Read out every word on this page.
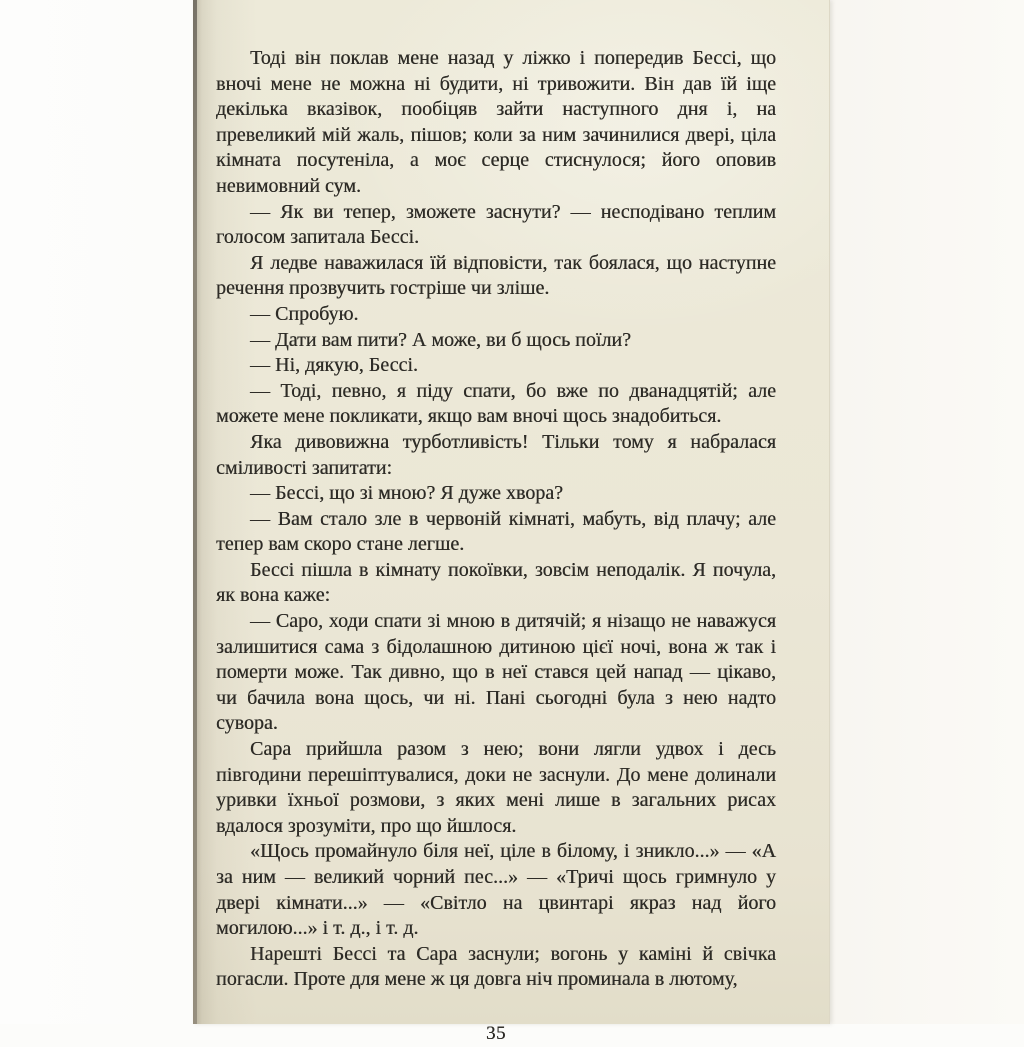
Тоді він поклав мене назад у ліжко і попередив Бессі, що вночі мене не можна ні будити, ні тривожити. Він дав їй іще декілька вказівок, пообіцяв зайти наступного дня і, на превеликий мій жаль, пішов; коли за ним зачинилися двері, ціла кімната посутеніла, а моє серце стиснулося; його оповив невимовний сум.

— Як ви тепер, зможете заснути? — несподівано теплим голосом запитала Бессі.

Я ледве наважилася їй відповісти, так боялася, що наступне речення прозвучить гостріше чи зліше.

— Спробую.

— Дати вам пити? А може, ви б щось поїли?

— Ні, дякую, Бессі.

— Тоді, певно, я піду спати, бо вже по дванадцятій; але можете мене покликати, якщо вам вночі щось знадобиться.

Яка дивовижна турботливість! Тільки тому я набралася сміливості запитати:

— Бессі, що зі мною? Я дуже хвора?

— Вам стало зле в червоній кімнаті, мабуть, від плачу; але тепер вам скоро стане легше.

Бессі пішла в кімнату покоївки, зовсім неподалік. Я почула, як вона каже:

— Саро, ходи спати зі мною в дитячій; я нізащо не наважуся залишитися сама з бідолашною дитиною цієї ночі, вона ж так і померти може. Так дивно, що в неї стався цей напад — цікаво, чи бачила вона щось, чи ні. Пані сьогодні була з нею надто сувора.

Сара прийшла разом з нею; вони лягли удвох і десь півгодини перешіптувалися, доки не заснули. До мене долинали уривки їхньої розмови, з яких мені лише в загальних рисах вдалося зрозуміти, про що йшлося.

«Щось промайнуло біля неї, ціле в білому, і зникло...» — «А за ним — великий чорний пес...» — «Тричі щось гримнуло у двері кімнати...» — «Світло на цвинтарі якраз над його могилою...» і т. д., і т. д.

Нарешті Бессі та Сара заснули; вогонь у каміні й свічка погасли. Проте для мене ж ця довга ніч проминала в лютому,

35
